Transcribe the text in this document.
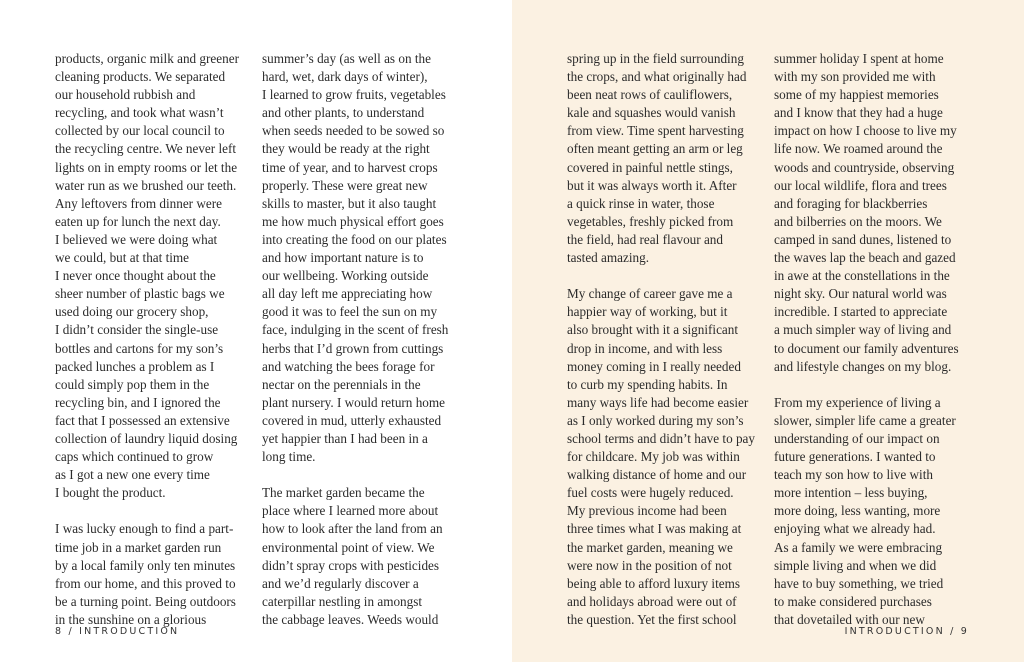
products, organic milk and greener
cleaning products. We separated
our household rubbish and
recycling, and took what wasn’t
collected by our local council to
the recycling centre. We never left
lights on in empty rooms or let the
water run as we brushed our teeth.
Any leftovers from dinner were
eaten up for lunch the next day.
I believed we were doing what
we could, but at that time
I never once thought about the
sheer number of plastic bags we
used doing our grocery shop,
I didn’t consider the single-use
bottles and cartons for my son’s
packed lunches a problem as I
could simply pop them in the
recycling bin, and I ignored the
fact that I possessed an extensive
collection of laundry liquid dosing
caps which continued to grow
as I got a new one every time
I bought the product.
I was lucky enough to find a part-
time job in a market garden run
by a local family only ten minutes
from our home, and this proved to
be a turning point. Being outdoors
in the sunshine on a glorious
summer’s day (as well as on the
hard, wet, dark days of winter),
I learned to grow fruits, vegetables
and other plants, to understand
when seeds needed to be sowed so
they would be ready at the right
time of year, and to harvest crops
properly. These were great new
skills to master, but it also taught
me how much physical effort goes
into creating the food on our plates
and how important nature is to
our wellbeing. Working outside
all day left me appreciating how
good it was to feel the sun on my
face, indulging in the scent of fresh
herbs that I’d grown from cuttings
and watching the bees forage for
nectar on the perennials in the
plant nursery. I would return home
covered in mud, utterly exhausted
yet happier than I had been in a
long time.
The market garden became the
place where I learned more about
how to look after the land from an
environmental point of view. We
didn’t spray crops with pesticides
and we’d regularly discover a
caterpillar nestling in amongst
the cabbage leaves. Weeds would
8 / INTRODUCTION
spring up in the field surrounding
the crops, and what originally had
been neat rows of cauliflowers,
kale and squashes would vanish
from view. Time spent harvesting
often meant getting an arm or leg
covered in painful nettle stings,
but it was always worth it. After
a quick rinse in water, those
vegetables, freshly picked from
the field, had real flavour and
tasted amazing.
My change of career gave me a
happier way of working, but it
also brought with it a significant
drop in income, and with less
money coming in I really needed
to curb my spending habits. In
many ways life had become easier
as I only worked during my son’s
school terms and didn’t have to pay
for childcare. My job was within
walking distance of home and our
fuel costs were hugely reduced.
My previous income had been
three times what I was making at
the market garden, meaning we
were now in the position of not
being able to afford luxury items
and holidays abroad were out of
the question. Yet the first school
summer holiday I spent at home
with my son provided me with
some of my happiest memories
and I know that they had a huge
impact on how I choose to live my
life now. We roamed around the
woods and countryside, observing
our local wildlife, flora and trees
and foraging for blackberries
and bilberries on the moors. We
camped in sand dunes, listened to
the waves lap the beach and gazed
in awe at the constellations in the
night sky. Our natural world was
incredible. I started to appreciate
a much simpler way of living and
to document our family adventures
and lifestyle changes on my blog.
From my experience of living a
slower, simpler life came a greater
understanding of our impact on
future generations. I wanted to
teach my son how to live with
more intention – less buying,
more doing, less wanting, more
enjoying what we already had.
As a family we were embracing
simple living and when we did
have to buy something, we tried
to make considered purchases
that dovetailed with our new
INTRODUCTION / 9
